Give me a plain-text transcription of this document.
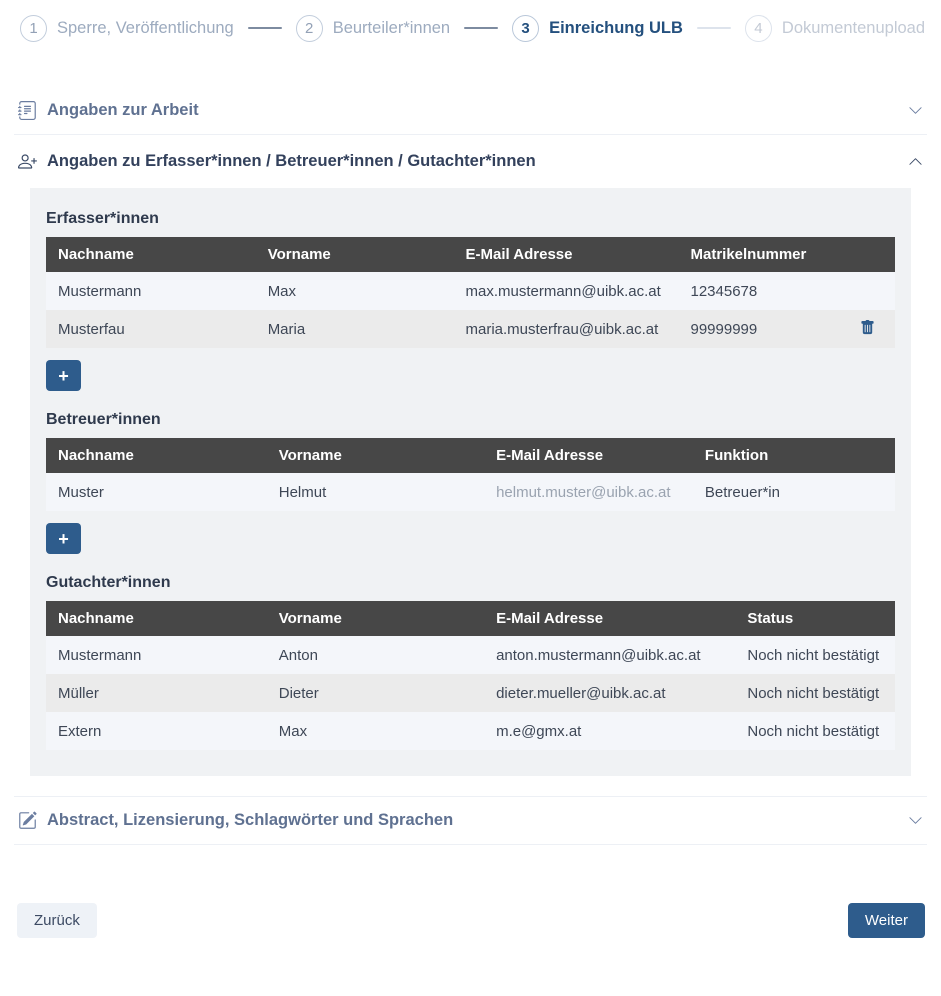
1	Sperre, Veröffentlichung	2	Beurteiler*innen	3	Einreichung ULB	4	Dokumentenupload
Angaben zur Arbeit
Angaben zu Erfasser*innen / Betreuer*innen / Gutachter*innen
Erfasser*innen
Nachname	Vorname	E-Mail Adresse	Matrikelnummer	
Mustermann	Max	max.mustermann@uibk.ac.at	12345678	
Musterfau	Maria	maria.musterfrau@uibk.ac.at	99999999	
+
Betreuer*innen
Nachname	Vorname	E-Mail Adresse	Funktion
Muster	Helmut	helmut.muster@uibk.ac.at	Betreuer*in
+
Gutachter*innen
Nachname	Vorname	E-Mail Adresse	Status
Mustermann	Anton	anton.mustermann@uibk.ac.at	Noch nicht bestätigt
Müller	Dieter	dieter.mueller@uibk.ac.at	Noch nicht bestätigt
Extern	Max	m.e@gmx.at	Noch nicht bestätigt
Abstract, Lizensierung, Schlagwörter und Sprachen
Zurück	Weiter
